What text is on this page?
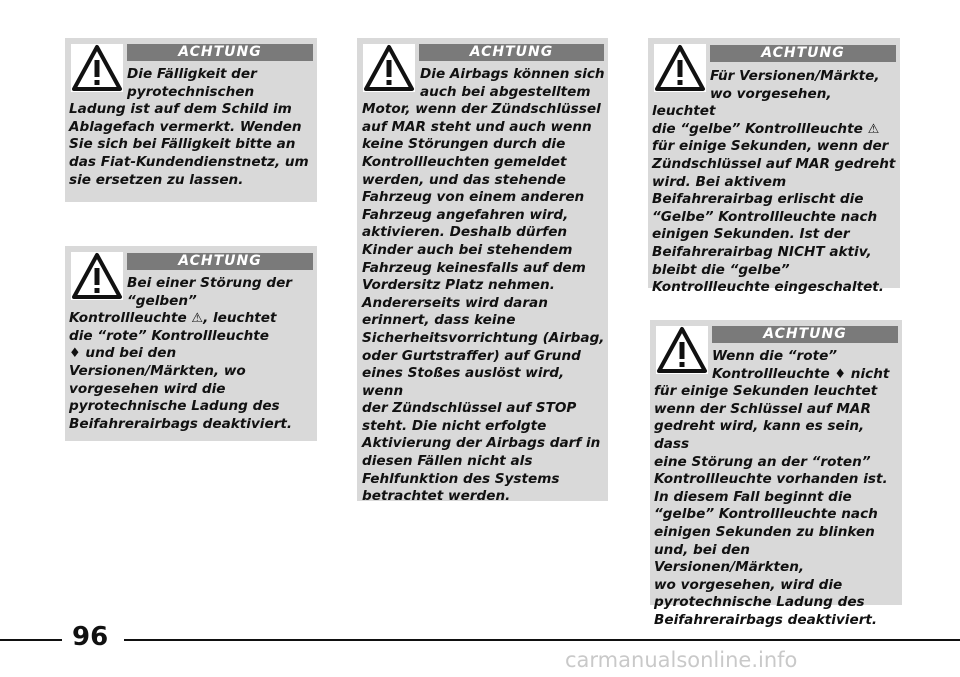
ACHTUNG
Die Fälligkeit der
pyrotechnischen
Ladung ist auf dem Schild im
Ablagefach vermerkt. Wenden
Sie sich bei Fälligkeit bitte an
das Fiat-Kundendienstnetz, um
sie ersetzen zu lassen.
ACHTUNG
Bei einer Störung der
“gelben”
Kontrollleuchte ⚠, leuchtet
die “rote” Kontrollleuchte
♦ und bei den
Versionen/Märkten, wo
vorgesehen wird die
pyrotechnische Ladung des
Beifahrerairbags deaktiviert.
ACHTUNG
Die Airbags können sich
auch bei abgestelltem
Motor, wenn der Zündschlüssel
auf MAR steht und auch wenn
keine Störungen durch die
Kontrollleuchten gemeldet
werden, und das stehende
Fahrzeug von einem anderen
Fahrzeug angefahren wird,
aktivieren. Deshalb dürfen
Kinder auch bei stehendem
Fahrzeug keinesfalls auf dem
Vordersitz Platz nehmen.
Andererseits wird daran
erinnert, dass keine
Sicherheitsvorrichtung (Airbag,
oder Gurtstraffer) auf Grund
eines Stoßes auslöst wird, wenn
der Zündschlüssel auf STOP
steht. Die nicht erfolgte
Aktivierung der Airbags darf in
diesen Fällen nicht als
Fehlfunktion des Systems
betrachtet werden.
ACHTUNG
Für Versionen/Märkte,
wo vorgesehen, leuchtet
die “gelbe” Kontrollleuchte ⚠
für einige Sekunden, wenn der
Zündschlüssel auf MAR gedreht
wird. Bei aktivem
Beifahrerairbag erlischt die
“Gelbe” Kontrollleuchte nach
einigen Sekunden. Ist der
Beifahrerairbag NICHT aktiv,
bleibt die “gelbe”
Kontrollleuchte eingeschaltet.
ACHTUNG
Wenn die “rote”
Kontrollleuchte ♦ nicht
für einige Sekunden leuchtet
wenn der Schlüssel auf MAR
gedreht wird, kann es sein, dass
eine Störung an der “roten”
Kontrollleuchte vorhanden ist.
In diesem Fall beginnt die
“gelbe” Kontrollleuchte nach
einigen Sekunden zu blinken
und, bei den Versionen/Märkten,
wo vorgesehen, wird die
pyrotechnische Ladung des
Beifahrerairbags deaktiviert.
96
carmanualsonline.info
